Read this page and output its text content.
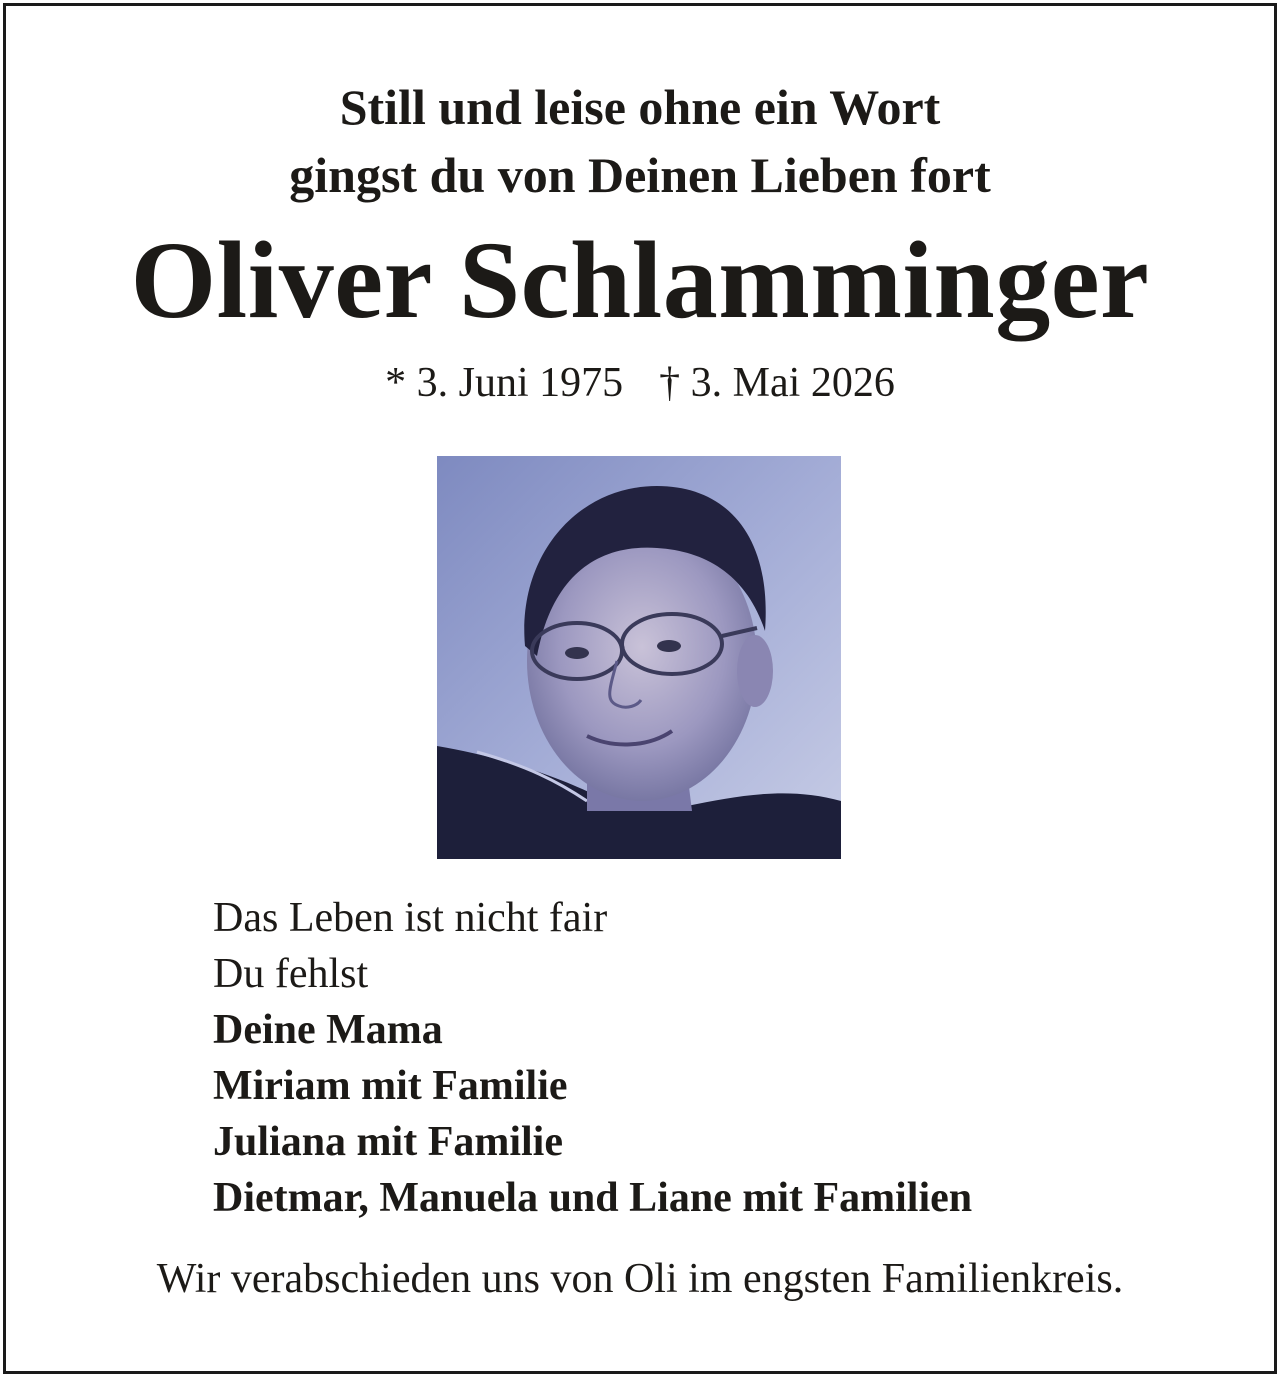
Still und leise ohne ein Wort

gingst du von Deinen Lieben fort

Oliver Schlamminger
* 3. Juni 1975 † 3. Mai 2026
Das Leben ist nicht fair
Du fehlst
Deine Mama
Miriam mit Familie
Juliana mit Familie
Dietmar, Manuela und Liane mit Familien
Wir verabschieden uns von Oli im engsten Familienkreis.
